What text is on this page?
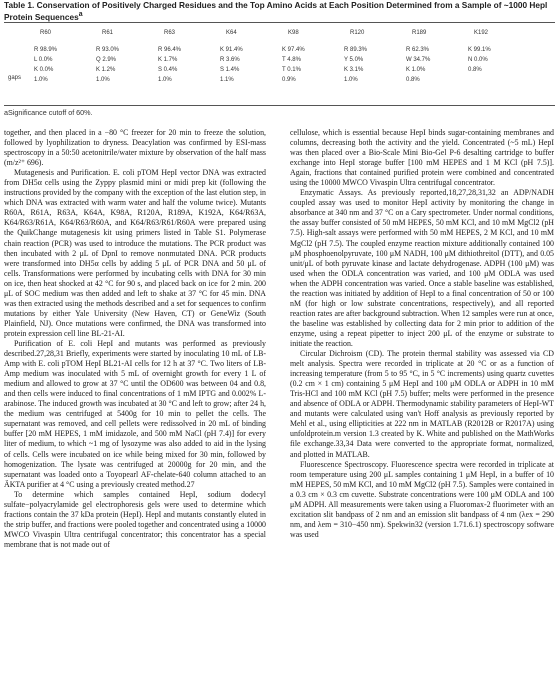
Table 1. Conservation of Positively Charged Residues and the Top Amino Acids at Each Position Determined from a Sample of ~1000 Hepl Protein Sequences$^a$
gaps
R60
R 98.9%
L 0.0%
K 0.0%
1.0%
R61
R 93.0%
Q 2.9%
K 1.2%
1.0%
R63
R 96.4%
K 1.7%
S 0.4%
1.0%
K64
K 91.4%
R 3.6%
S 1.4%
1.1%
K98
K 97.4%
T 4.8%
T 0.1%
0.9%
R120
R 89.3%
Y 5.0%
K 3.1%
1.0%
R189
R 62.3%
W 34.7%
K 1.0%
0.8%
K192
K 99.1%
N 0.0%
0.8%
aSignificance cutoff of 60%.

together, and then placed in a −80 °C freezer for 20 min to freeze the solution, followed by lyophilization to dryness. Deacylation was confirmed by ESI-mass spectroscopy in a 50:50 acetonitrile/water mixture by observation of the half mass (m/z²⁺ 696).

Mutagenesis and Purification. E. coli pTOM HepI vector DNA was extracted from DH5α cells using the Zyppy plasmid mini or midi prep kit (following the instructions provided by the company with the exception of the last elution step, in which DNA was extracted with warm water and half the volume twice). Mutants R60A, R61A, R63A, K64A, K98A, R120A, R189A, K192A, K64/R63A, K64/R63/R61A, K64/R63/R60A, and K64/R63/R61/R60A were prepared using the QuikChange mutagenesis kit using primers listed in Table S1. Polymerase chain reaction (PCR) was used to introduce the mutations. The PCR product was then incubated with 2 μL of DpnI to remove nonmutated DNA. PCR products were transformed into DH5α cells by adding 5 μL of PCR DNA and 50 μL of cells. Transformations were performed by incubating cells with DNA for 30 min on ice, then heat shocked at 42 °C for 90 s, and placed back on ice for 2 min. 200 μL of SOC medium was then added and left to shake at 37 °C for 45 min. DNA was then extracted using the methods described and a set for sequences to confirm mutations by either Yale University (New Haven, CT) or GeneWiz (South Plainfield, NJ). Once mutations were confirmed, the DNA was transformed into protein expression cell line BL-21-AI.

Purification of E. coli HepI and mutants was performed as previously described.27,28,31 Briefly, experiments were started by inoculating 10 mL of LB-Amp with E. coli pTOM HepI BL21-AI cells for 12 h at 37 °C. Two liters of LB-Amp medium was inoculated with 5 mL of overnight growth for every 1 L of medium and allowed to grow at 37 °C until the OD600 was between 04 and 0.8, and then cells were induced to final concentrations of 1 mM IPTG and 0.002% L-arabinose. The induced growth was incubated at 30 °C and left to grow; after 24 h, the medium was centrifuged at 5400g for 10 min to pellet the cells. The supernatant was removed, and cell pellets were redissolved in 20 mL of binding buffer [20 mM HEPES, 1 mM imidazole, and 500 mM NaCl (pH 7.4)] for every liter of medium, to which ~1 mg of lysozyme was also added to aid in the lysing of cells. Cells were incubated on ice while being mixed for 30 min, followed by homogenization. The lysate was centrifuged at 20000g for 20 min, and the supernatant was loaded onto a Toyopearl AF-chelate-640 column attached to an ÄKTA purifier at 4 °C using a previously created method.27

To determine which samples contained HepI, sodium dodecyl sulfate−polyacrylamide gel electrophoresis gels were used to determine which fractions contain the 37 kDa protein (HepI). HepI and mutants constantly eluted in the strip buffer, and fractions were pooled together and concentrated using a 10000 MWCO Vivaspin Ultra centrifugal concentrator; this concentrator has a special membrane that is not made out of

cellulose, which is essential because HepI binds sugar-containing membranes and columns, decreasing both the activity and the yield. Concentrated (~5 mL) HepI was then placed over a Bio-Scale Mini Bio-Gel P-6 desalting cartridge to buffer exchange into HepI storage buffer [100 mM HEPES and 1 M KCl (pH 7.5)]. Again, fractions that contained purified protein were combined and concentrated using the 10000 MWCO Vivaspin Ultra centrifugal concentrator.

Enzymatic Assays. As previously reported,18,27,28,31,32 an ADP/NADH coupled assay was used to monitor HepI activity by monitoring the change in absorbance at 340 nm and 37 °C on a Cary spectrometer. Under normal conditions, the assay buffer consisted of 50 mM HEPES, 50 mM KCl, and 10 mM MgCl2 (pH 7.5). High-salt assays were performed with 50 mM HEPES, 2 M KCl, and 10 mM MgCl2 (pH 7.5). The coupled enzyme reaction mixture additionally contained 100 μM phosphoenolpyruvate, 100 μM NADH, 100 μM dithiothreitol (DTT), and 0.05 unit/μL of both pyruvate kinase and lactate dehydrogenase. ADPH (100 μM) was used when the ODLA concentration was varied, and 100 μM ODLA was used when the ADPH concentration was varied. Once a stable baseline was established, the reaction was initiated by addition of HepI to a final concentration of 50 or 100 nM (for high or low substrate concentrations, respectively), and all reported reaction rates are after background subtraction. When 12 samples were run at once, the baseline was established by collecting data for 2 min prior to addition of the enzyme, using a repeat pipetter to inject 200 μL of the enzyme or substrate to initiate the reaction.

Circular Dichroism (CD). The protein thermal stability was assessed via CD melt analysis. Spectra were recorded in triplicate at 20 °C or as a function of increasing temperature (from 5 to 95 °C, in 5 °C increments) using quartz cuvettes (0.2 cm × 1 cm) containing 5 μM HepI and 100 μM ODLA or ADPH in 10 mM Tris-HCl and 100 mM KCl (pH 7.5) buffer; melts were performed in the presence and absence of ODLA or ADPH. Thermodynamic stability parameters of HepI-WT and mutants were calculated using van't Hoff analysis as previously reported by Mehl et al., using ellipticities at 222 nm in MATLAB (R2012B or R2017A) using unfoldprotein.m version 1.3 created by K. White and published on the MathWorks file exchange.33,34 Data were converted to the appropriate format, normalized, and plotted in MATLAB.

Fluorescence Spectroscopy. Fluorescence spectra were recorded in triplicate at room temperature using 200 μL samples containing 1 μM HepI, in a buffer of 10 mM HEPES, 50 mM KCl, and 10 mM MgCl2 (pH 7.5). Samples were contained in a 0.3 cm × 0.3 cm cuvette. Substrate concentrations were 100 μM ODLA and 100 μM ADPH. All measurements were taken using a Fluoromax-2 fluorimeter with an excitation slit bandpass of 2 nm and an emission slit bandpass of 4 nm (λex = 290 nm, and λem = 310−450 nm). Spekwin32 (version 1.71.6.1) spectroscopy software was used
